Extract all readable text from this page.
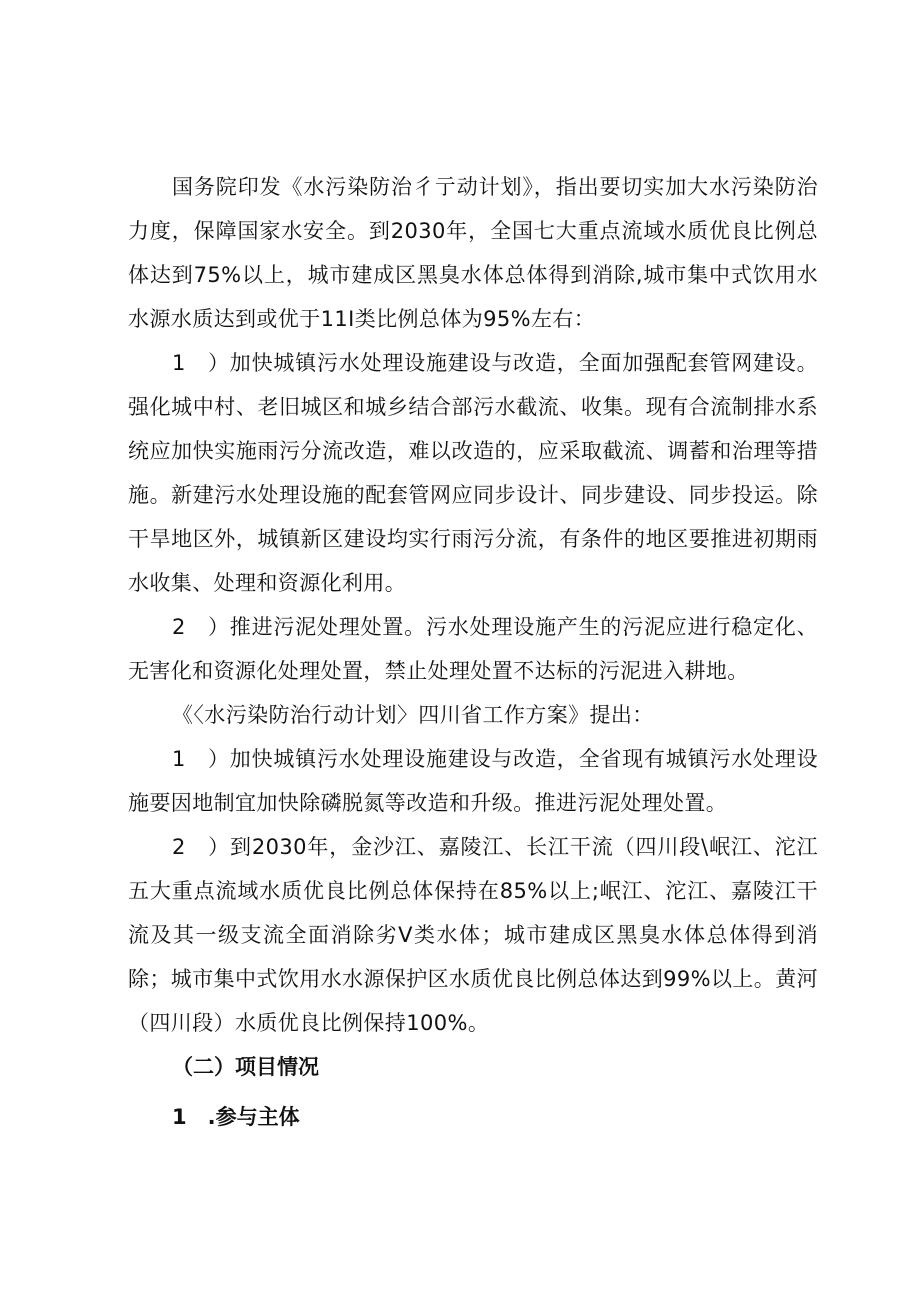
国务院印发《水污染防治彳亍动计划》，指出要切实加大水污染防治力度，保障国家水安全。到2030年，全国七大重点流域水质优良比例总体达到75%以上，城市建成区黑臭水体总体得到消除,城市集中式饮用水水源水质达到或优于11I类比例总体为95%左右：

1　）加快城镇污水处理设施建设与改造，全面加强配套管网建设。强化城中村、老旧城区和城乡结合部污水截流、收集。现有合流制排水系统应加快实施雨污分流改造，难以改造的，应采取截流、调蓄和治理等措施。新建污水处理设施的配套管网应同步设计、同步建设、同步投运。除干旱地区外，城镇新区建设均实行雨污分流，有条件的地区要推进初期雨水收集、处理和资源化利用。

2　）推进污泥处理处置。污水处理设施产生的污泥应进行稳定化、无害化和资源化处理处置，禁止处理处置不达标的污泥进入耕地。

《〈水污染防治行动计划〉四川省工作方案》提出：

1　）加快城镇污水处理设施建设与改造，全省现有城镇污水处理设施要因地制宜加快除磷脱氮等改造和升级。推进污泥处理处置。

2　）到2030年，金沙江、嘉陵江、长江干流（四川段\岷江、沱江五大重点流域水质优良比例总体保持在85%以上;岷江、沱江、嘉陵江干流及其一级支流全面消除劣V类水体；城市建成区黑臭水体总体得到消除；城市集中式饮用水水源保护区水质优良比例总体达到99%以上。黄河（四川段）水质优良比例保持100%。

（二）项目情况

1　.参与主体
